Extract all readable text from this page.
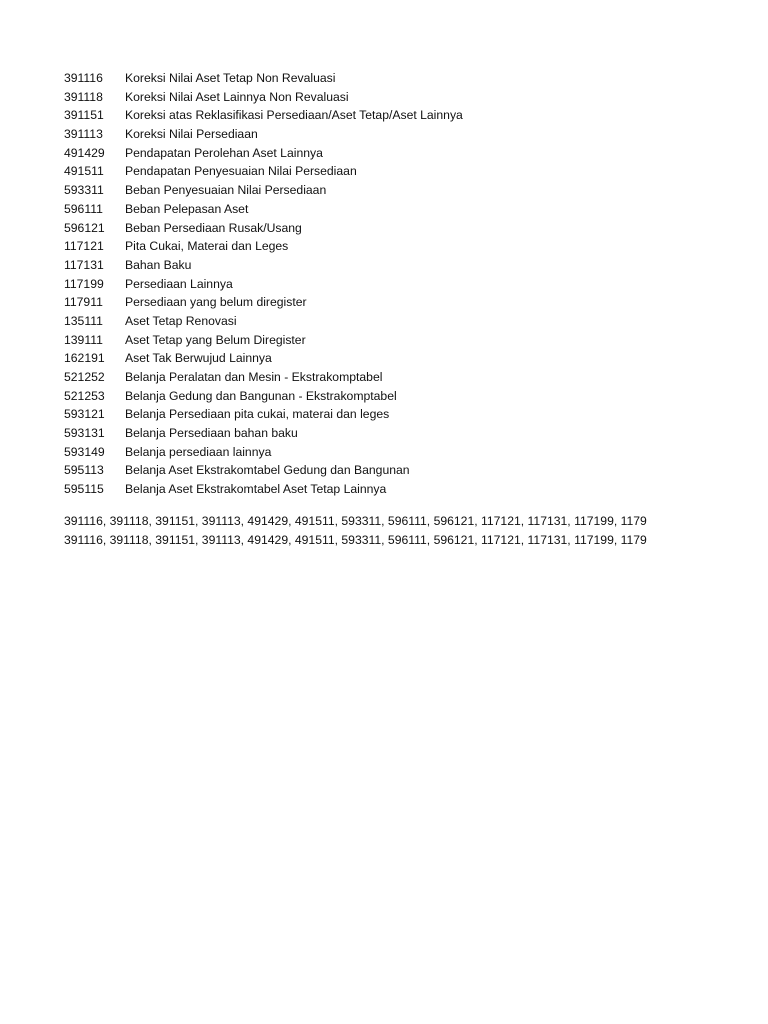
391116	Koreksi Nilai Aset Tetap Non Revaluasi
391118	Koreksi Nilai Aset Lainnya Non Revaluasi
391151	Koreksi atas Reklasifikasi Persediaan/Aset Tetap/Aset Lainnya
391113	Koreksi Nilai Persediaan
491429	Pendapatan Perolehan Aset Lainnya
491511	Pendapatan Penyesuaian Nilai Persediaan
593311	Beban Penyesuaian Nilai Persediaan
596111	Beban Pelepasan Aset
596121	Beban Persediaan Rusak/Usang
117121	Pita Cukai, Materai dan Leges
117131	Bahan Baku
117199	Persediaan Lainnya
117911	Persediaan yang belum diregister
135111	Aset Tetap Renovasi
139111	Aset Tetap yang Belum Diregister
162191	Aset Tak Berwujud Lainnya
521252	Belanja Peralatan dan Mesin - Ekstrakomptabel
521253	Belanja Gedung dan Bangunan - Ekstrakomptabel
593121	Belanja Persediaan pita cukai, materai dan leges
593131	Belanja Persediaan bahan baku
593149	Belanja persediaan lainnya
595113	Belanja Aset Ekstrakomtabel Gedung dan Bangunan
595115	Belanja Aset Ekstrakomtabel Aset Tetap Lainnya
391116, 391118, 391151, 391113, 491429, 491511, 593311, 596111, 596121, 117121, 117131, 117199, 1179
391116, 391118, 391151, 391113, 491429, 491511, 593311, 596111, 596121, 117121, 117131, 117199, 1179
